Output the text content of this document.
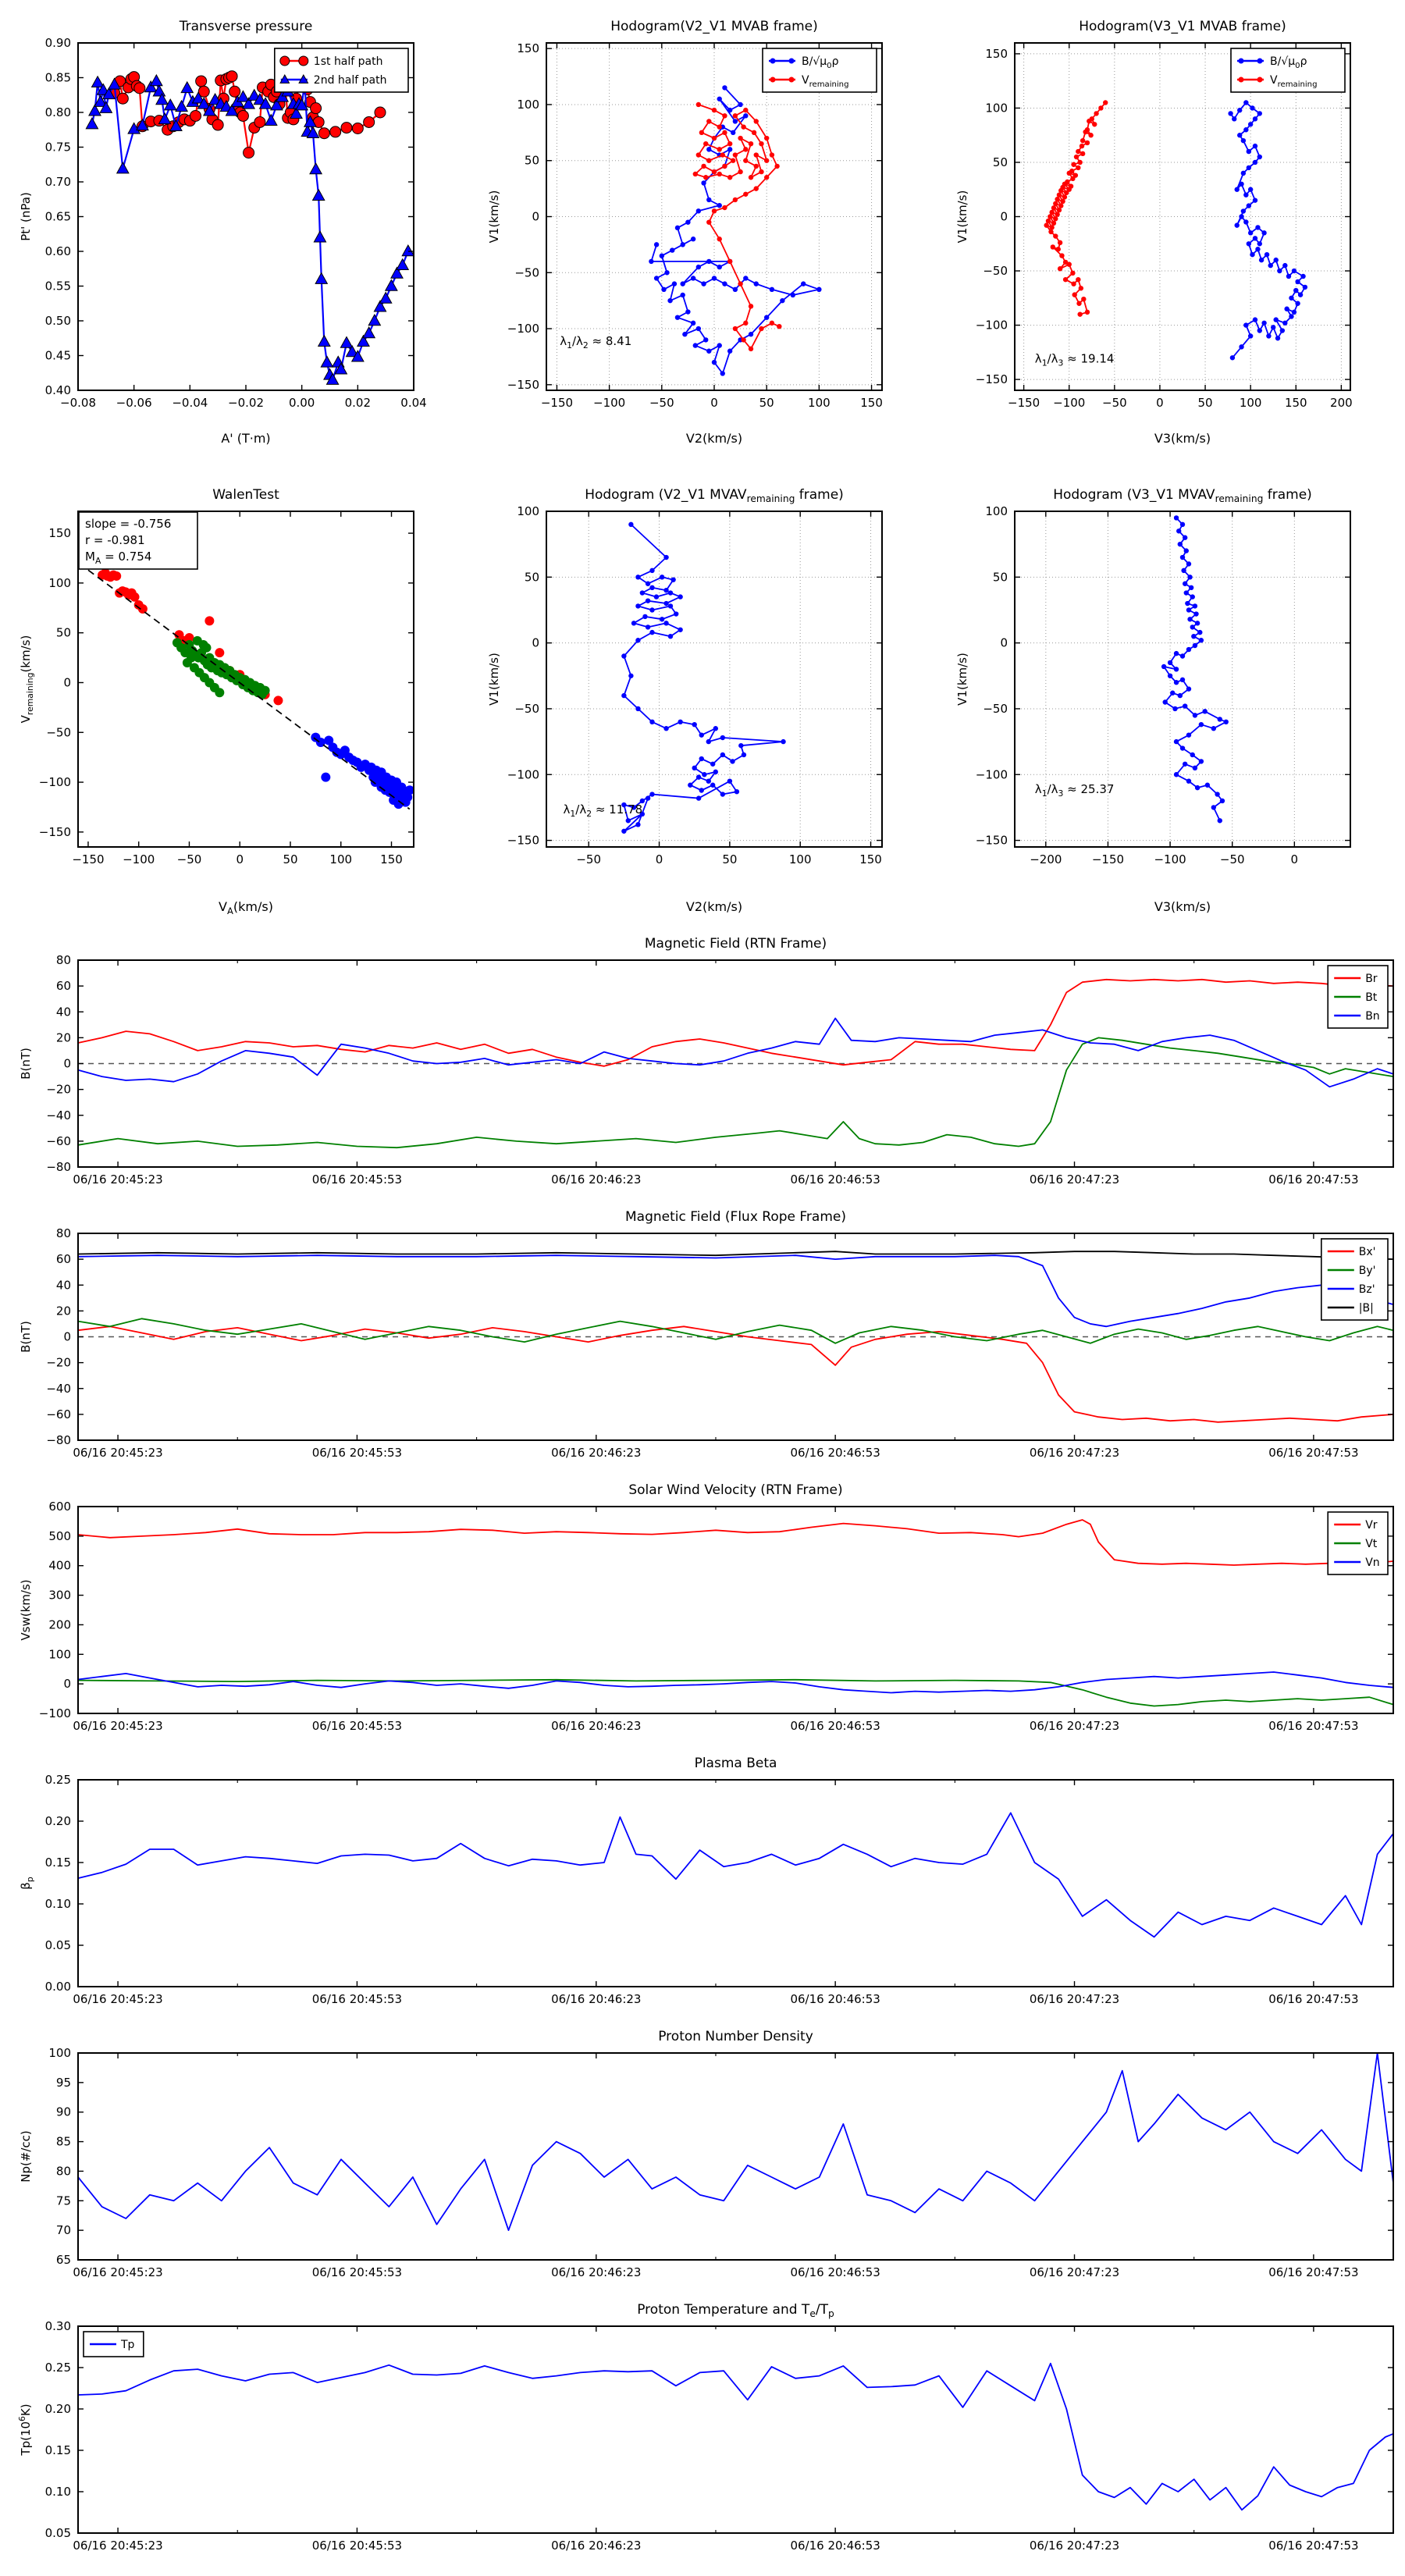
−0.08 −0.06 −0.04 −0.02 0.00	0.02	0.04
0.40
0.45
0.50
0.55
0.60
0.65
0.70
0.75
0.80
0.85
0.90
Transverse pressure
A' (T·m)
Pt' (nPa)
1st half path
2nd half path
−150 −100 −50	0	50	100	150
−150
−100
−50
0
50
100
150
Hodogram(V2_V1 MVAB frame)
V2(km/s)
V1(km/s)
$\lambda_1/\lambda_2 \approx 8.41$
$B/√\mu_0\rho$
$V_{remaining}$
−150 −100 −50	0	50 100 150 200
−150
−100
−50
0
50
100
150
Hodogram(V3_V1 MVAB frame)
V3(km/s)
V1(km/s)
$\lambda_1/\lambda_3 \approx 19.14$
$B/√\mu_0\rho$
$V_{remaining}$
−150 −100 −50	0	50	100 150
−150
−100
−50
0
50
100
150
WalenTest
$V_A(km/s)$
$V_{remaining}(km/s)$
slope = -0.756
r = -0.981
$M_A = 0.754$
−50	0	50	100	150
−150
−100
−50
0
50
100
Hodogram (V2_V1 $MVAV_{remaining}$ frame)
V2(km/s)
V1(km/s)
$\lambda_1/\lambda_2 \approx 11.78$
−200	−150	−100	−50	0
−150
−100
−50
0
50
100
Hodogram (V3_V1 $MVAV_{remaining}$ frame)
V3(km/s)
V1(km/s)
$\lambda_1/\lambda_3 \approx 25.37$
06/16 20:45:23	06/16 20:45:53	06/16 20:46:23	06/16 20:46:53	06/16 20:47:23	06/16 20:47:53
−80
−60
−40
−20
0
20
40
60
80
Magnetic Field (RTN Frame)
B(nT)
Br
Bt
Bn
06/16 20:45:23	06/16 20:45:53	06/16 20:46:23	06/16 20:46:53	06/16 20:47:23	06/16 20:47:53
−80
−60
−40
−20
0
20
40
60
80
Magnetic Field (Flux Rope Frame)
B(nT)
Bx'
By'
Bz'
|B|
06/16 20:45:23	06/16 20:45:53	06/16 20:46:23	06/16 20:46:53	06/16 20:47:23	06/16 20:47:53
−100
0
100
200
300
400
500
600
Solar Wind Velocity (RTN Frame)
Vsw(km/s)
Vr
Vt
Vn
06/16 20:45:23	06/16 20:45:53	06/16 20:46:23	06/16 20:46:53	06/16 20:47:23	06/16 20:47:53
0.00
0.05
0.10
0.15
0.20
0.25
Plasma Beta
$\beta_p$
06/16 20:45:23	06/16 20:45:53	06/16 20:46:23	06/16 20:46:53	06/16 20:47:23	06/16 20:47:53
65
70
75
80
85
90
95
100
Proton Number Density
Np(#/cc)
06/16 20:45:23	06/16 20:45:53	06/16 20:46:23	06/16 20:46:53	06/16 20:47:23	06/16 20:47:53
0.05
0.10
0.15
0.20
0.25
0.30
Proton Temperature and $T_e/T_p$
$Tp(10^6K)$
Tp
